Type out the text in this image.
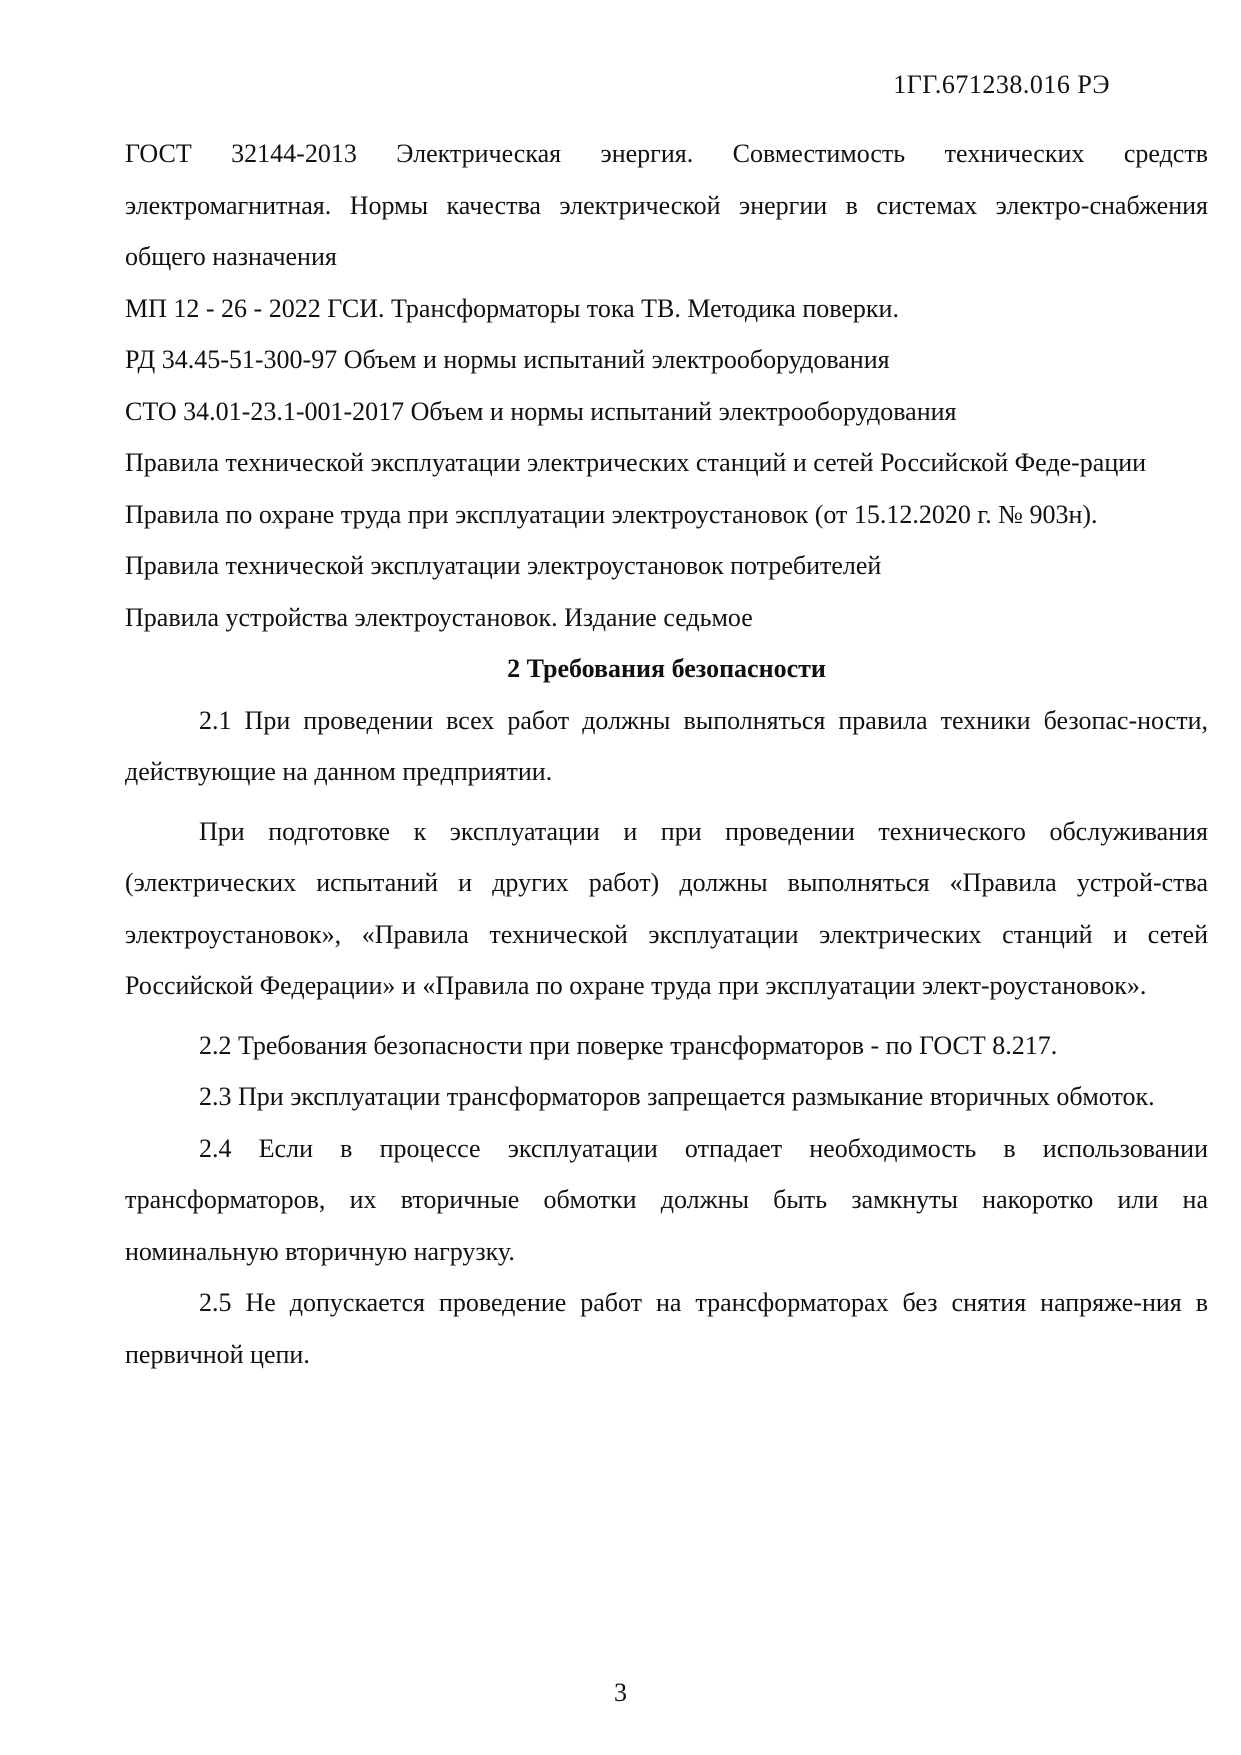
1ГГ.671238.016 РЭ

ГОСТ 32144-2013 Электрическая энергия. Совместимость технических средств электромагнитная. Нормы качества электрической энергии в системах электро-снабжения общего назначения

МП 12 - 26 - 2022 ГСИ. Трансформаторы тока ТВ. Методика поверки.

РД 34.45-51-300-97 Объем и нормы испытаний электрооборудования

СТО 34.01-23.1-001-2017 Объем и нормы испытаний электрооборудования

Правила технической эксплуатации электрических станций и сетей Российской Феде-рации

Правила по охране труда при эксплуатации электроустановок (от 15.12.2020 г. № 903н).

Правила технической эксплуатации электроустановок потребителей

Правила устройства электроустановок. Издание седьмое

2 Требования безопасности

2.1 При проведении всех работ должны выполняться правила техники безопас-ности, действующие на данном предприятии.

При подготовке к эксплуатации и при проведении технического обслуживания (электрических испытаний и других работ) должны выполняться «Правила устрой-ства электроустановок», «Правила технической эксплуатации электрических станций и сетей Российской Федерации» и «Правила по охране труда при эксплуатации элект-роустановок».

2.2 Требования безопасности при поверке трансформаторов - по ГОСТ 8.217.

2.3 При эксплуатации трансформаторов запрещается размыкание вторичных обмоток.

2.4 Если в процессе эксплуатации отпадает необходимость в использовании трансформаторов, их вторичные обмотки должны быть замкнуты накоротко или на номинальную вторичную нагрузку.

2.5 Не допускается проведение работ на трансформаторах без снятия напряже-ния в первичной цепи.

3
